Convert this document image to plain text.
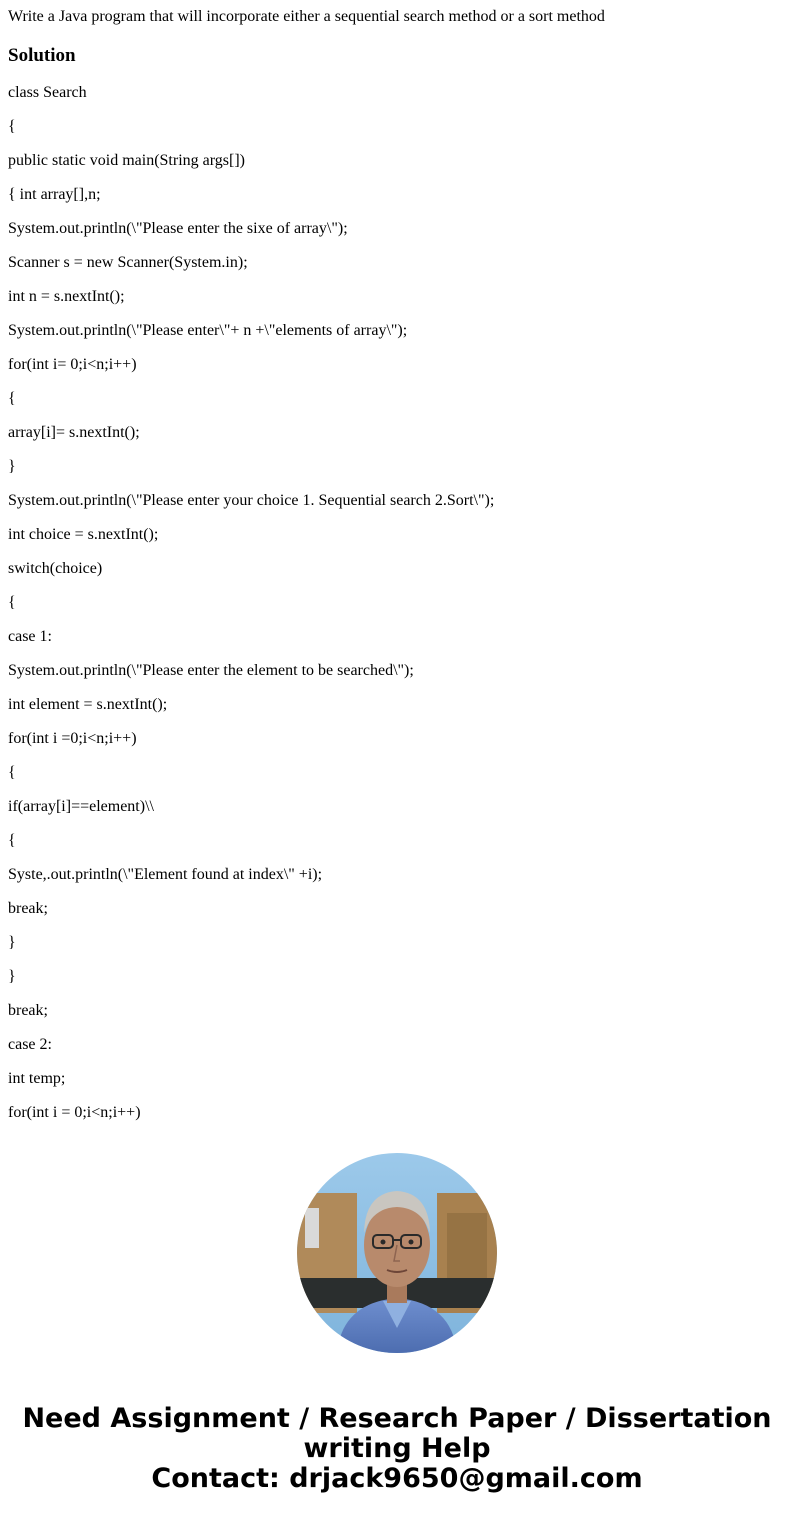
Write a Java program that will incorporate either a sequential search method or a sort method

Solution
class Search
{
public static void main(String args[])
{ int array[],n;
System.out.println(\"Please enter the sixe of array\");
Scanner s = new Scanner(System.in);
int n = s.nextInt();
System.out.println(\"Please enter\"+ n +\"elements of array\");
for(int i= 0;i<n;i++)
{
array[i]= s.nextInt();
}
System.out.println(\"Please enter your choice 1. Sequential search 2.Sort\");
int choice = s.nextInt();
switch(choice)
{
case 1:
System.out.println(\"Please enter the element to be searched\");
int element = s.nextInt();
for(int i =0;i<n;i++)
{
if(array[i]==element)\\
{
Syste,.out.println(\"Element found at index\" +i);
break;
}
}
break;
case 2:
int temp;
for(int i = 0;i<n;i++)
Need Assignment / Research Paper / Dissertation
writing Help
Contact: drjack9650@gmail.com
